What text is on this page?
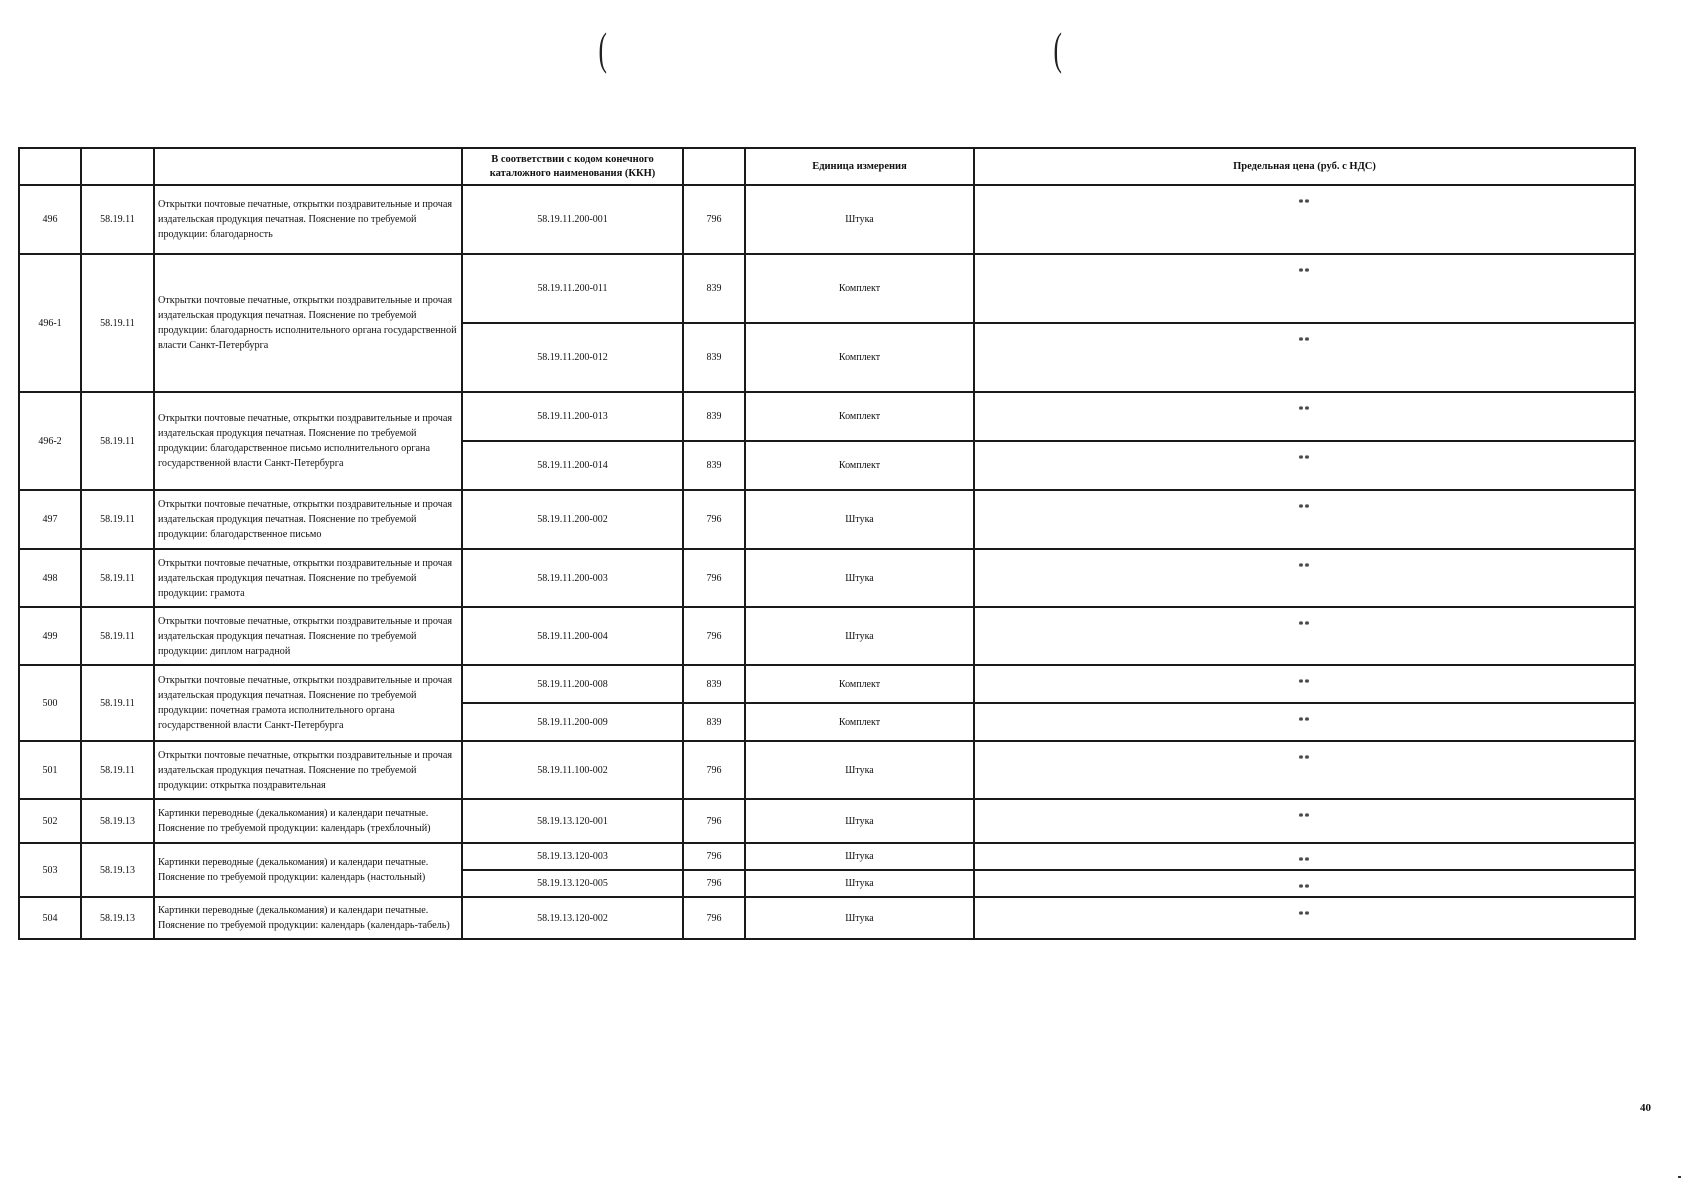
(	(
			В соответствии с кодом конечного каталожного наименования (ККН)		Единица измерения	Предельная цена (руб. с НДС)
496	58.19.11	Открытки почтовые печатные, открытки поздравительные и прочая издательская продукция печатная. Пояснение по требуемой продукции: благодарность	58.19.11.200-001	796	Штука	**
496-1	58.19.11	Открытки почтовые печатные, открытки поздравительные и прочая издательская продукция печатная. Пояснение по требуемой продукции: благодарность исполнительного органа государственной власти Санкт-Петербурга	58.19.11.200-011	839	Комплект	**
			58.19.11.200-012	839	Комплект	**
496-2	58.19.11	Открытки почтовые печатные, открытки поздравительные и прочая издательская продукция печатная. Пояснение по требуемой продукции: благодарственное письмо исполнительного органа государственной власти Санкт-Петербурга	58.19.11.200-013	839	Комплект	**
			58.19.11.200-014	839	Комплект	**
497	58.19.11	Открытки почтовые печатные, открытки поздравительные и прочая издательская продукция печатная. Пояснение по требуемой продукции: благодарственное письмо	58.19.11.200-002	796	Штука	**
498	58.19.11	Открытки почтовые печатные, открытки поздравительные и прочая издательская продукция печатная. Пояснение по требуемой продукции: грамота	58.19.11.200-003	796	Штука	**
499	58.19.11	Открытки почтовые печатные, открытки поздравительные и прочая издательская продукция печатная. Пояснение по требуемой продукции: диплом наградной	58.19.11.200-004	796	Штука	**
500	58.19.11	Открытки почтовые печатные, открытки поздравительные и прочая издательская продукция печатная. Пояснение по требуемой продукции: почетная грамота исполнительного органа государственной власти Санкт-Петербурга	58.19.11.200-008	839	Комплект	**
			58.19.11.200-009	839	Комплект	**
501	58.19.11	Открытки почтовые печатные, открытки поздравительные и прочая издательская продукция печатная. Пояснение по требуемой продукции: открытка поздравительная	58.19.11.100-002	796	Штука	**
502	58.19.13	Картинки переводные (декалькомания) и календари печатные. Пояснение по требуемой продукции: календарь (трехблочный)	58.19.13.120-001	796	Штука	**
503	58.19.13	Картинки переводные (декалькомания) и календари печатные. Пояснение по требуемой продукции: календарь (настольный)	58.19.13.120-003	796	Штука	**
			58.19.13.120-005	796	Штука	**
504	58.19.13	Картинки переводные (декалькомания) и календари печатные. Пояснение по требуемой продукции: календарь (календарь-табель)	58.19.13.120-002	796	Штука	**
40
